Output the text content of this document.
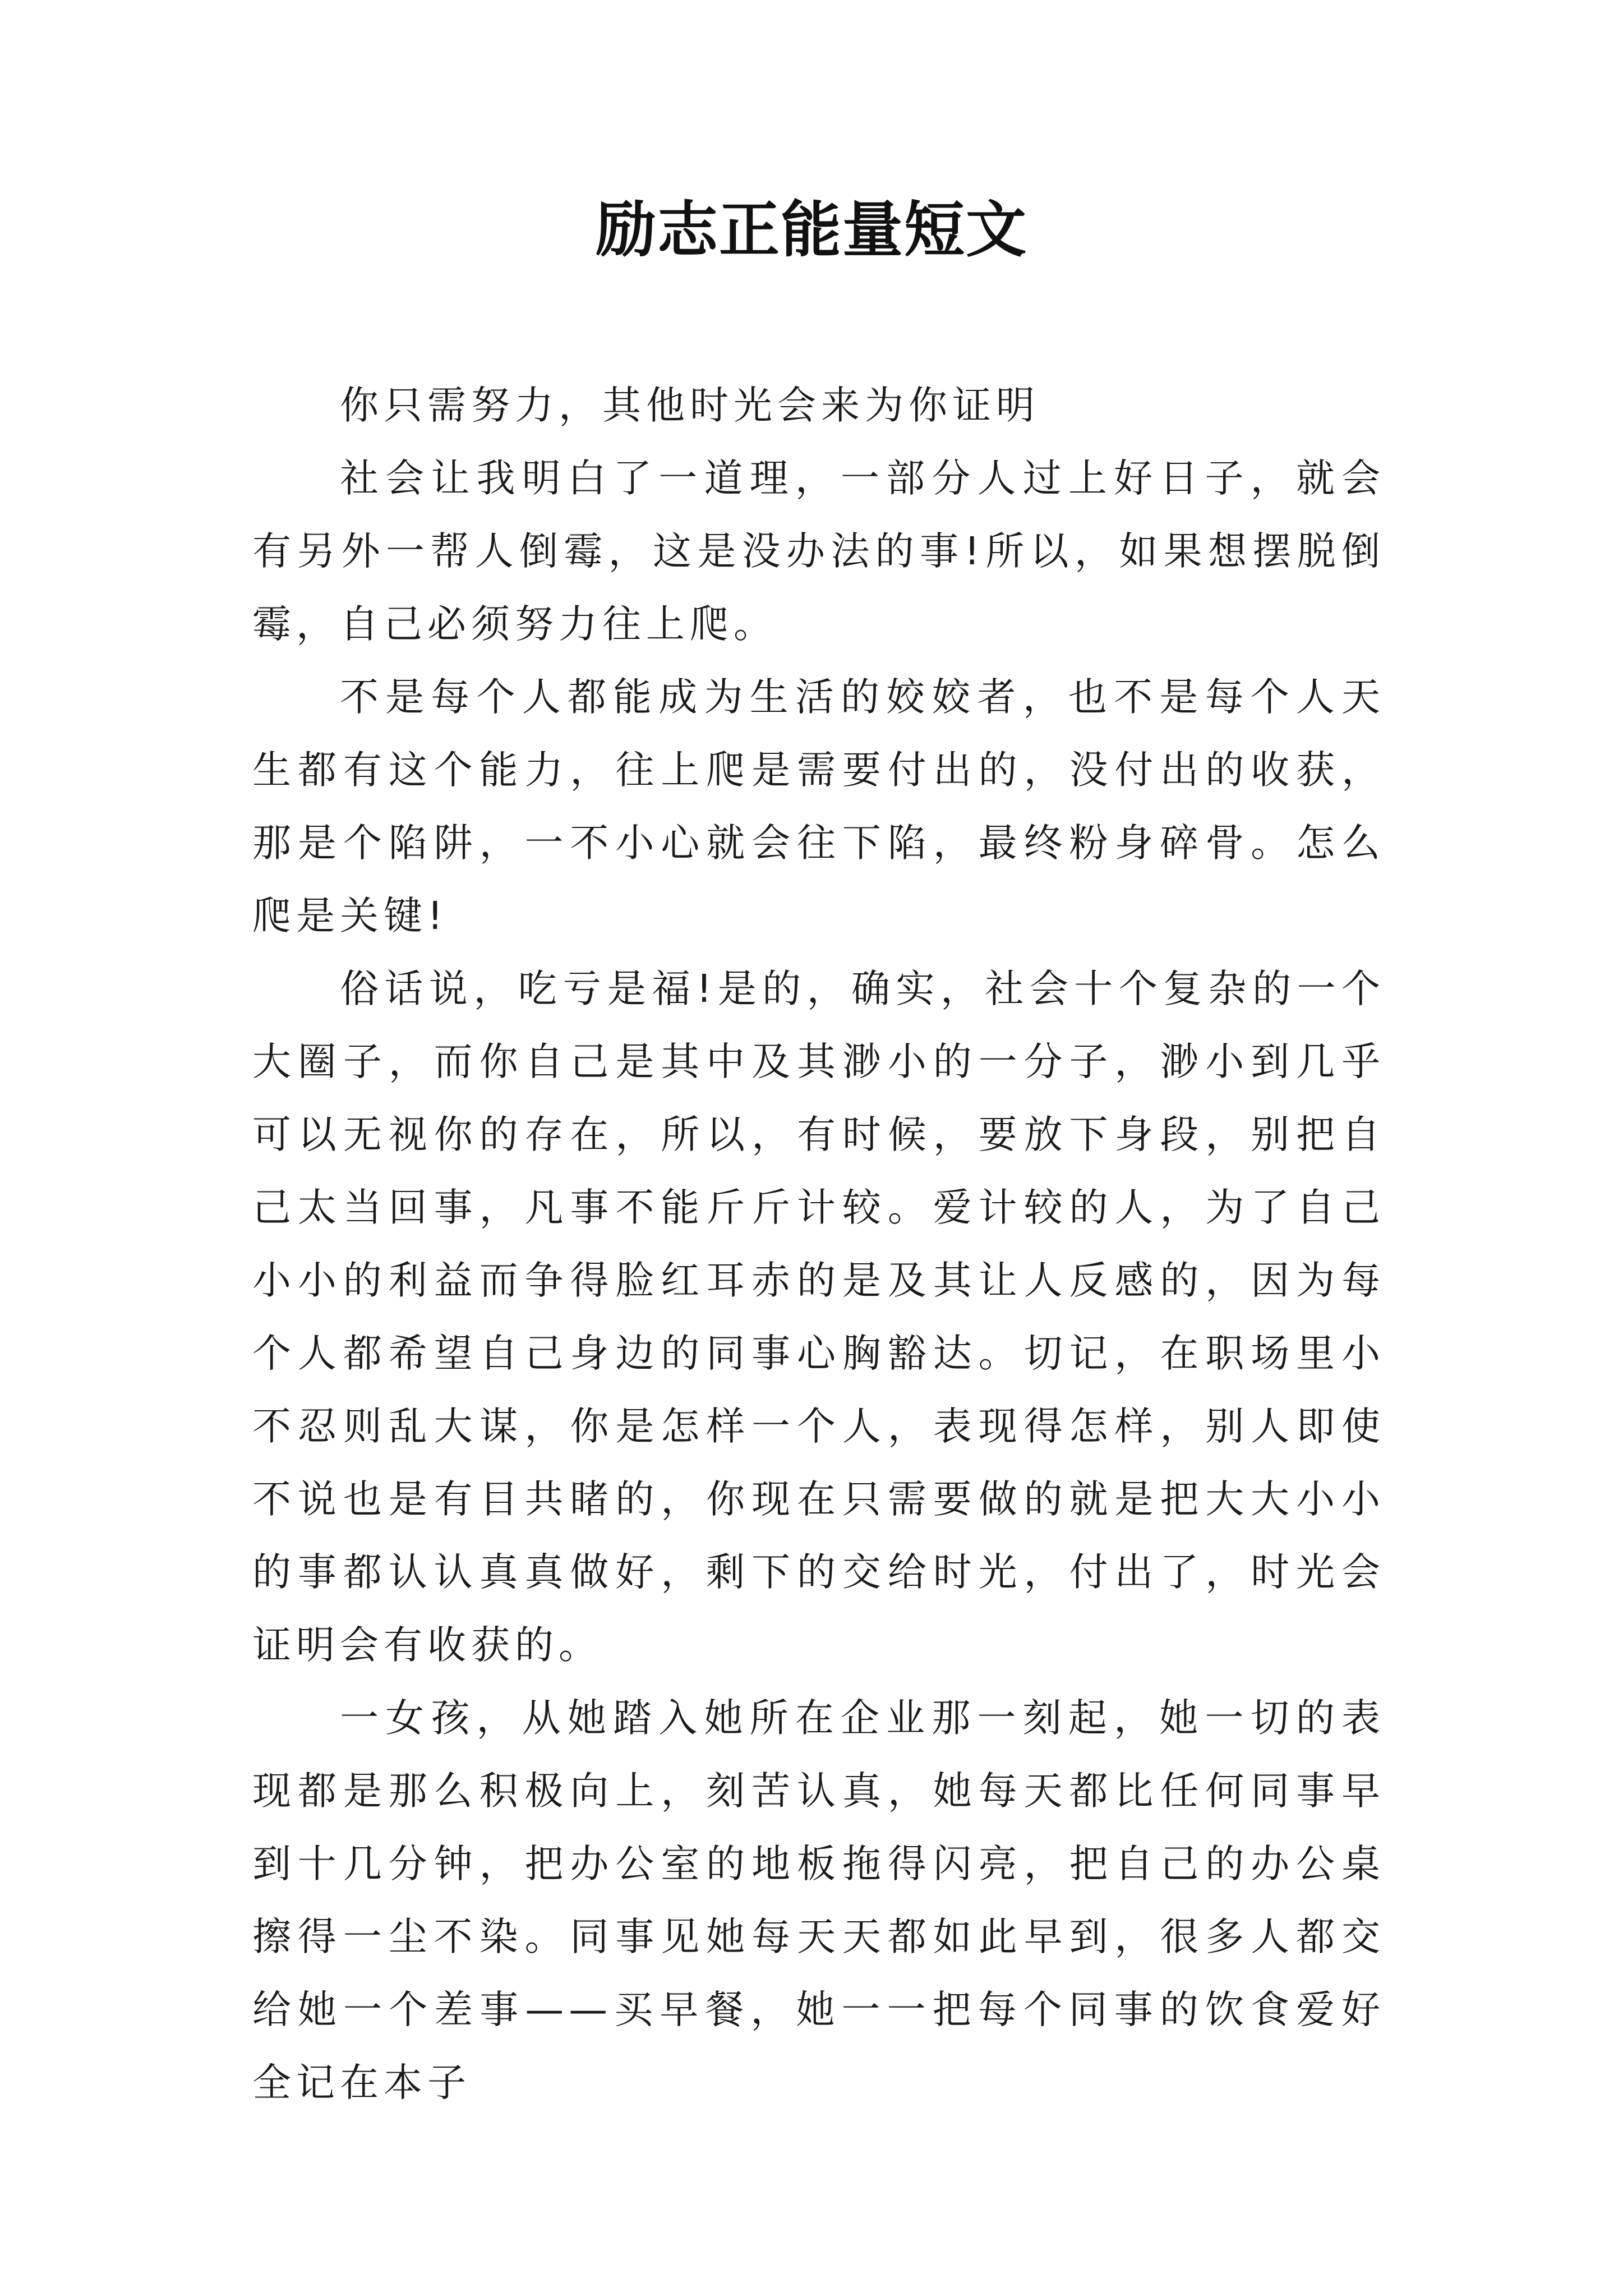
励志正能量短文

你只需努力，其他时光会来为你证明

社会让我明白了一道理，一部分人过上好日子，就会有另外一帮人倒霉，这是没办法的事!所以，如果想摆脱倒霉，自己必须努力往上爬。

不是每个人都能成为生活的姣姣者，也不是每个人天生都有这个能力，往上爬是需要付出的，没付出的收获，那是个陷阱，一不小心就会往下陷，最终粉身碎骨。怎么爬是关键!

俗话说，吃亏是福!是的，确实，社会十个复杂的一个大圈子，而你自己是其中及其渺小的一分子，渺小到几乎可以无视你的存在，所以，有时候，要放下身段，别把自己太当回事，凡事不能斤斤计较。爱计较的人，为了自己小小的利益而争得脸红耳赤的是及其让人反感的，因为每个人都希望自己身边的同事心胸豁达。切记，在职场里小不忍则乱大谋，你是怎样一个人，表现得怎样，别人即使不说也是有目共睹的，你现在只需要做的就是把大大小小的事都认认真真做好，剩下的交给时光，付出了，时光会证明会有收获的。

一女孩，从她踏入她所在企业那一刻起，她一切的表现都是那么积极向上，刻苦认真，她每天都比任何同事早到十几分钟，把办公室的地板拖得闪亮，把自己的办公桌擦得一尘不染。同事见她每天天都如此早到，很多人都交给她一个差事——买早餐，她一一把每个同事的饮食爱好全记在本子
